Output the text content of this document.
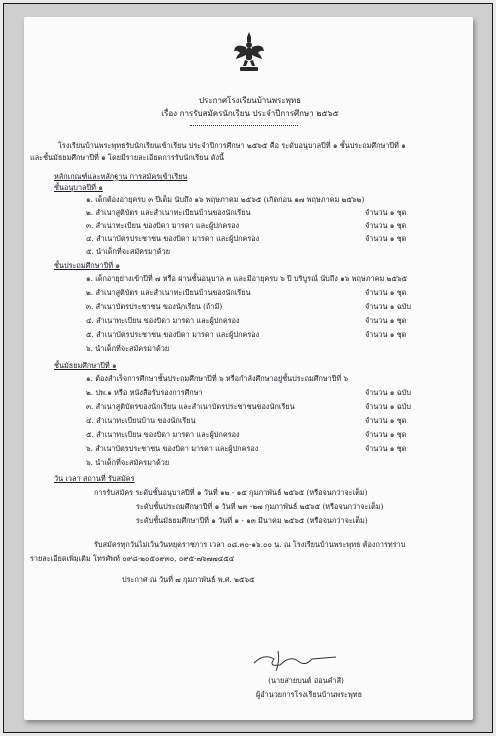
ประกาศโรงเรียนบ้านพระพุทธ
เรื่อง การรับสมัครนักเรียน ประจำปีการศึกษา ๒๕๖๕
โรงเรียนบ้านพระพุทธรับนักเรียนเข้าเรียน ประจำปีการศึกษา ๒๕๖๕ คือ ระดับอนุบาลปีที่ ๑ ชั้นประถมศึกษาปีที่ ๑
และชั้นมัธยมศึกษาปีที่ ๑ โดยมีรายละเอียดการรับนักเรียน ดังนี้
หลักเกณฑ์และหลักฐาน การสมัครเข้าเรียน
ชั้นอนุบาลปีที่ ๑
๑. เด็กต้องอายุครบ ๓ ปีเต็ม นับถึง ๑๖ พฤษภาคม ๒๕๖๕ (เกิดก่อน ๑๗ พฤษภาคม ๒๕๖๒)
๒. สำเนาสูติบัตร และสำเนาทะเบียนบ้านของนักเรียน	จำนวน ๑ ชุด
๓. สำเนาทะเบียน ของบิดา มารดา และผู้ปกครอง	จำนวน ๑ ชุด
๔. สำเนาบัตรประชาชน ของบิดา มารดา และผู้ปกครอง	จำนวน ๑ ชุด
๕. นำเด็กที่จะสมัครมาด้วย
ชั้นประถมศึกษาปีที่ ๑
๑. เด็กอายุย่างเข้าปีที่ ๗ หรือ ผ่านชั้นอนุบาล ๓ และมีอายุครบ ๖ ปี บริบูรณ์ นับถึง ๑๖ พฤษภาคม ๒๕๖๕
๒. สำเนาสูติบัตร และสำเนาทะเบียนบ้านของนักเรียน	จำนวน ๑ ชุด
๓. สำเนาบัตรประชาชน ของนักเรียน (ถ้ามี)	จำนวน ๑ ฉบับ
๔. สำเนาทะเบียน ของบิดา มารดา และผู้ปกครอง	จำนวน ๑ ชุด
๕. สำเนาบัตรประชาชน ของบิดา มารดา และผู้ปกครอง	จำนวน ๑ ชุด
๖. นำเด็กที่จะสมัครมาด้วย
ชั้นมัธยมศึกษาปีที่ ๑
๑. ต้องสำเร็จการศึกษาชั้นประถมศึกษาปีที่ ๖ หรือกำลังศึกษาอยู่ชั้นประถมศึกษาปีที่ ๖
๒. ปพ.๑ หรือ หนังสือรับรองการศึกษา	จำนวน ๑ ฉบับ
๓. สำเนาสูติบัตรของนักเรียน และสำเนาบัตรประชาชนของนักเรียน	จำนวน ๑ ฉบับ
๔. สำเนาทะเบียนบ้าน ของนักเรียน	จำนวน ๑ ชุด
๕. สำเนาทะเบียน ของบิดา มารดา และผู้ปกครอง	จำนวน ๑ ชุด
๖. สำเนาบัตรประชาชน ของบิดา มารดา และผู้ปกครอง	จำนวน ๑ ชุด
๖. นำเด็กที่จะสมัครมาด้วย
วัน เวลา สถานที่ รับสมัคร
การรับสมัคร ระดับชั้นอนุบาลปีที่ ๑ วันที่ ๑๒ - ๑๕ กุมภาพันธ์ ๒๕๖๕ (หรือจนกว่าจะเต็ม)
ระดับชั้นประถมศึกษาปีที่ ๑ วันที่ ๒๓ -๒๗ กุมภาพันธ์ ๒๕๖๕ (หรือจนกว่าจะเต็ม)
ระดับชั้นมัธยมศึกษาปีที่ ๑ วันที่ ๑ - ๑๓ มีนาคม ๒๕๖๕ (หรือจนกว่าจะเต็ม)
รับสมัครทุกวันไม่เว้นวันหยุดราชการ เวลา ๐๘.๓๐-๑๖.๐๐ น. ณ โรงเรียนบ้านพระพุทธ ต้องการทราบ
รายละเอียดเพิ่มเติม โทรศัพท์ ๐๙๘-๒๐๕๐๙๓๐, ๐๙๕-๗๖๗๗๔๕๔
ประกาศ ณ วันที่ ๗ กุมภาพันธ์ พ.ศ. ๒๕๖๕
(นายสายบนต์ อ่อนคำสี)
ผู้อำนวยการโรงเรียนบ้านพระพุทธ
